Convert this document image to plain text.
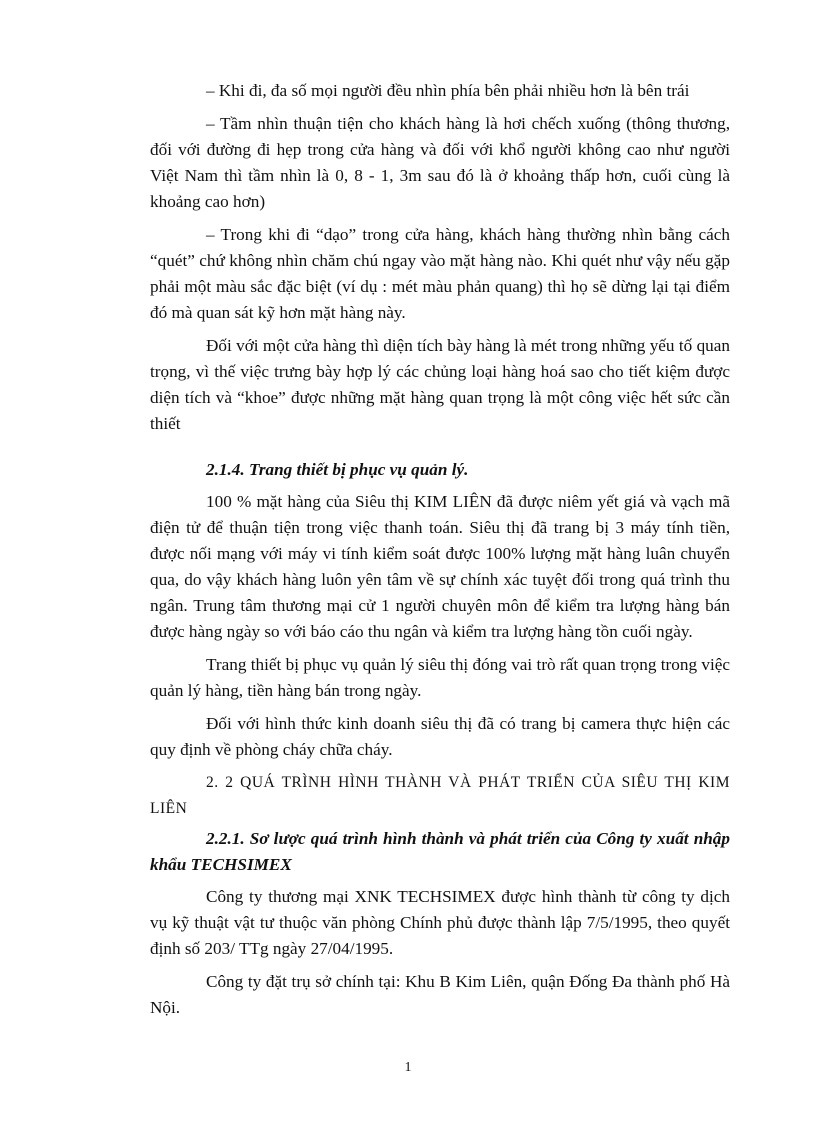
– Khi đi, đa số mọi người đều nhìn phía bên phải nhiều hơn là bên trái

– Tầm nhìn thuận tiện cho khách hàng là hơi chếch xuống (thông thương, đối với đường đi hẹp trong cửa hàng và đối với khổ người không cao như người Việt Nam thì tầm nhìn là 0, 8 - 1, 3m sau đó là ở khoảng thấp hơn, cuối cùng là khoảng cao hơn)

– Trong khi đi “dạo” trong cửa hàng, khách hàng thường nhìn bằng cách “quét” chứ không nhìn chăm chú ngay vào mặt hàng nào. Khi quét như vậy nếu gặp phải một màu sắc đặc biệt (ví dụ : mét màu phản quang) thì họ sẽ dừng lại tại điểm đó mà quan sát kỹ hơn mặt hàng này.

Đối với một cửa hàng thì diện tích bày hàng là mét trong những yếu tố quan trọng, vì thế việc trưng bày hợp lý các chủng loại hàng hoá sao cho tiết kiệm được diện tích và “khoe” được những mặt hàng quan trọng là một công việc hết sức cần thiết

2.1.4. Trang thiết bị phục vụ quản lý.

100 % mặt hàng của Siêu thị KIM LIÊN đã được niêm yết giá và vạch mã điện tử để thuận tiện trong việc thanh toán. Siêu thị đã trang bị 3 máy tính tiền, được nối mạng với máy vi tính kiểm soát được 100% lượng mặt hàng luân chuyển qua, do vậy khách hàng luôn yên tâm về sự chính xác tuyệt đối trong quá trình thu ngân. Trung tâm thương mại cử 1 người chuyên môn để kiểm tra lượng hàng bán được hàng ngày so với báo cáo thu ngân và kiểm tra lượng hàng tồn cuối ngày.

Trang thiết bị phục vụ quản lý siêu thị đóng vai trò rất quan trọng trong việc quản lý hàng, tiền hàng bán trong ngày.

Đối với hình thức kinh doanh siêu thị đã có trang bị camera thực hiện các quy định về phòng cháy chữa cháy.

2. 2 QUÁ TRÌNH HÌNH THÀNH VÀ PHÁT TRIỂN CỦA SIÊU THỊ KIM LIÊN

2.2.1. Sơ lược quá trình hình thành và phát triển của Công ty xuất nhập khẩu TECHSIMEX

Công ty thương mại XNK TECHSIMEX được hình thành từ công ty dịch vụ kỹ thuật vật tư thuộc văn phòng Chính phủ được thành lập 7/5/1995, theo quyết định số 203/ TTg ngày 27/04/1995.

Công ty đặt trụ sở chính tại: Khu B Kim Liên, quận Đống Đa thành phố Hà Nội.

1
